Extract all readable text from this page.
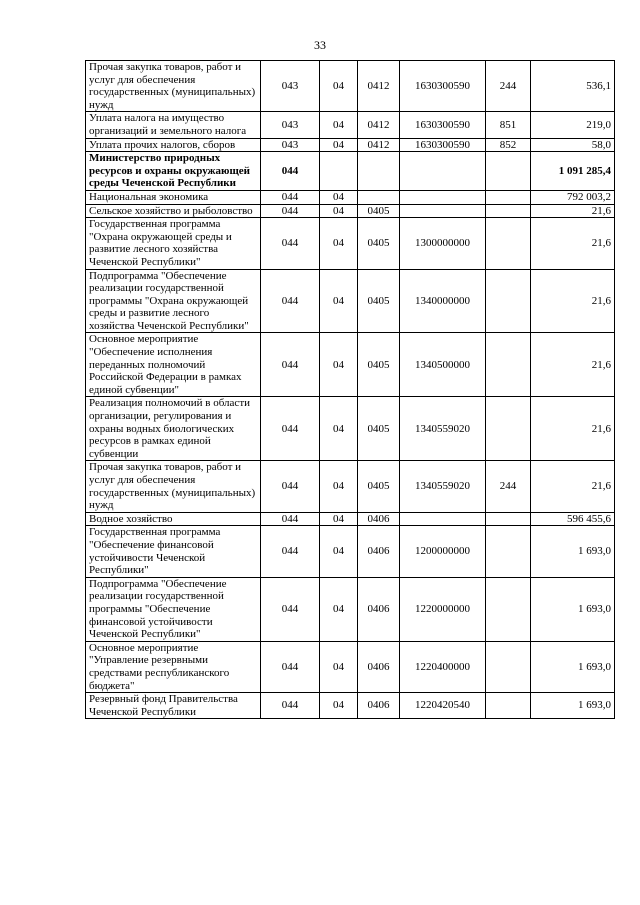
33
Прочая закупка товаров, работ и услуг для обеспечения государственных (муниципальных) нужд	043	04	0412	1630300590	244	536,1
Уплата налога на имущество организаций и земельного налога	043	04	0412	1630300590	851	219,0
Уплата прочих налогов, сборов	043	04	0412	1630300590	852	58,0
Министерство природных ресурсов и охраны окружающей среды Чеченской Республики	044					1 091 285,4
Национальная экономика	044	04				792 003,2
Сельское хозяйство и рыболовство	044	04	0405			21,6
Государственная программа "Охрана окружающей среды и развитие лесного хозяйства Чеченской Республики"	044	04	0405	1300000000		21,6
Подпрограмма "Обеспечение реализации государственной программы "Охрана окружающей среды и развитие лесного хозяйства Чеченской Республики"	044	04	0405	1340000000		21,6
Основное мероприятие "Обеспечение исполнения переданных полномочий Российской Федерации в рамках единой субвенции"	044	04	0405	1340500000		21,6
Реализация полномочий в области организации, регулирования и охраны водных биологических ресурсов в рамках единой субвенции	044	04	0405	1340559020		21,6
Прочая закупка товаров, работ и услуг для обеспечения государственных (муниципальных) нужд	044	04	0405	1340559020	244	21,6
Водное хозяйство	044	04	0406			596 455,6
Государственная программа "Обеспечение финансовой устойчивости Чеченской Республики"	044	04	0406	1200000000		1 693,0
Подпрограмма "Обеспечение реализации государственной программы "Обеспечение финансовой устойчивости Чеченской Республики"	044	04	0406	1220000000		1 693,0
Основное мероприятие "Управление резервными средствами республиканского бюджета"	044	04	0406	1220400000		1 693,0
Резервный фонд Правительства Чеченской Республики	044	04	0406	1220420540		1 693,0
